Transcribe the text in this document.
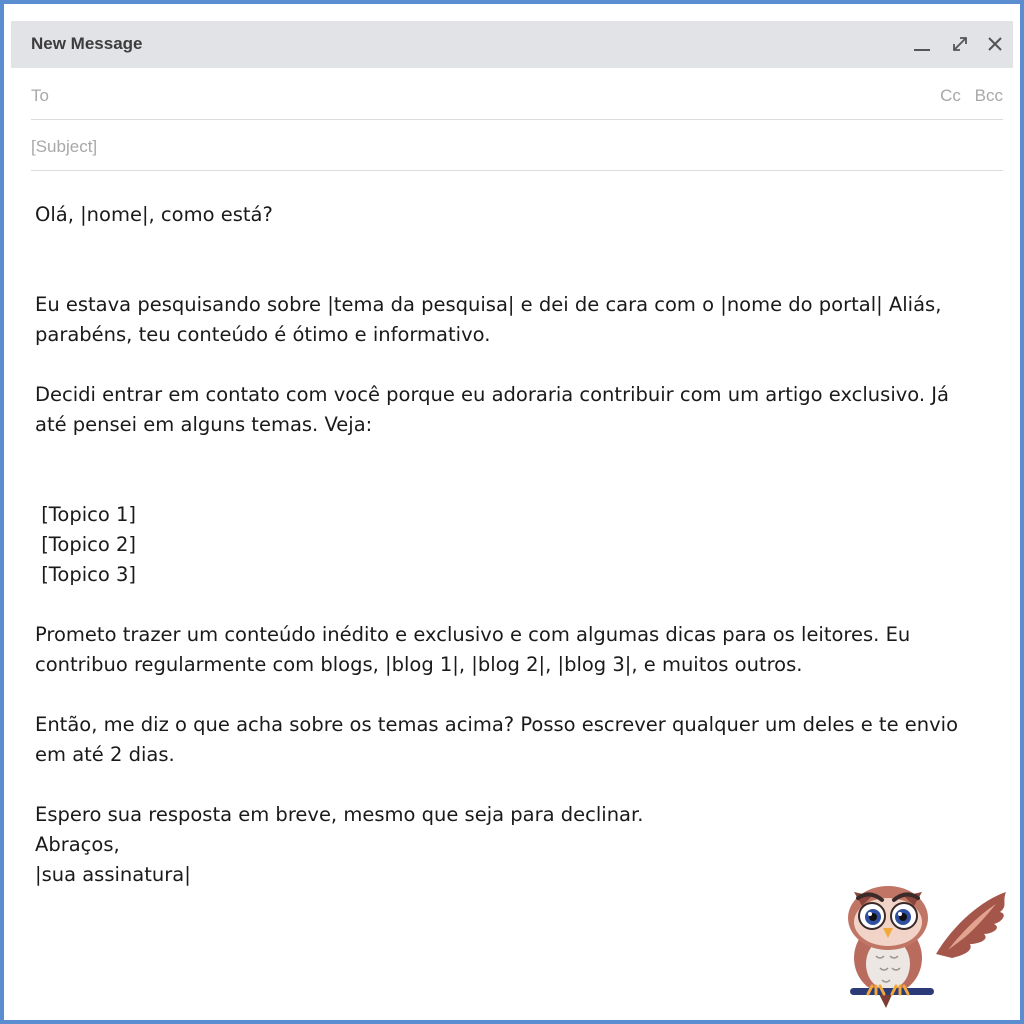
New Message
To	Cc Bcc
[Subject]

Olá, |nome|, como está?

Eu estava pesquisando sobre |tema da pesquisa| e dei de cara com o |nome do portal| Aliás, parabéns, teu conteúdo é ótimo e informativo.

Decidi entrar em contato com você porque eu adoraria contribuir com um artigo exclusivo. Já até pensei em alguns temas. Veja:

[Topico 1]

[Topico 2]

[Topico 3]

Prometo trazer um conteúdo inédito e exclusivo e com algumas dicas para os leitores. Eu contribuo regularmente com blogs, |blog 1|, |blog 2|, |blog 3|, e muitos outros.

Então, me diz o que acha sobre os temas acima? Posso escrever qualquer um deles e te envio em até 2 dias.

Espero sua resposta em breve, mesmo que seja para declinar.

Abraços,

|sua assinatura|
